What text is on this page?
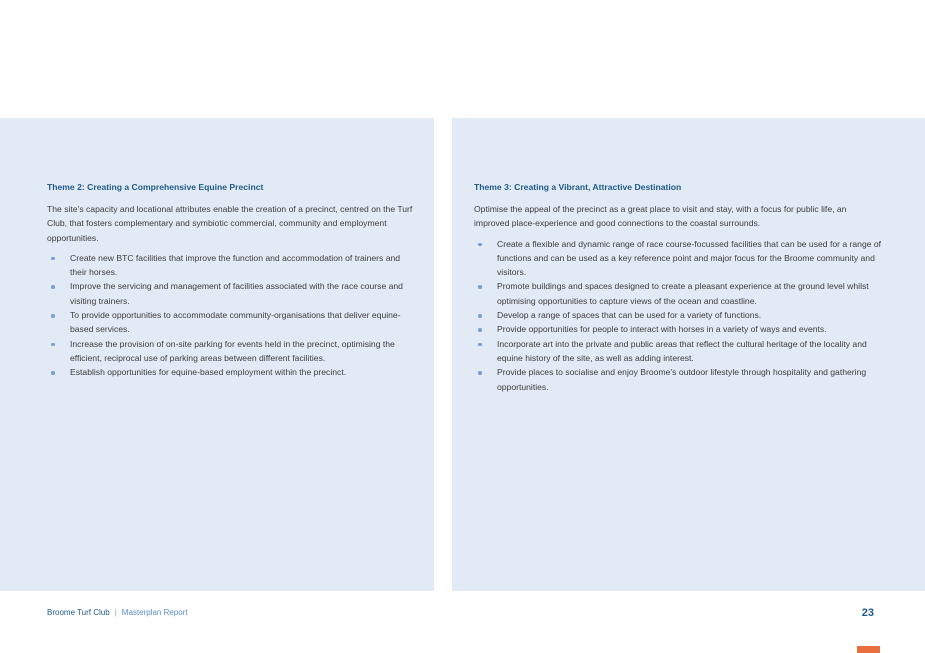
Theme 2: Creating a Comprehensive Equine Precinct

The site’s capacity and locational attributes enable the creation of a precinct, centred on the Turf Club, that fosters complementary and symbiotic commercial, community and employment opportunities.

Create new BTC facilities that improve the function and accommodation of trainers and their horses.
Improve the servicing and management of facilities associated with the race course and visiting trainers.
To provide opportunities to accommodate community-organisations that deliver equine-based services.
Increase the provision of on-site parking for events held in the precinct, optimising the efficient, reciprocal use of parking areas between different facilities.
Establish opportunities for equine-based employment within the precinct.
Theme 3: Creating a Vibrant, Attractive Destination

Optimise the appeal of the precinct as a great place to visit and stay, with a focus for public life, an improved place-experience and good connections to the coastal surrounds.

Create a flexible and dynamic range of race course-focussed facilities that can be used for a range of functions and can be used as a key reference point and major focus for the Broome community and visitors.
Promote buildings and spaces designed to create a pleasant experience at the ground level whilst optimising opportunities to capture views of the ocean and coastline.
Develop a range of spaces that can be used for a variety of functions.
Provide opportunities for people to interact with horses in a variety of ways and events.
Incorporate art into the private and public areas that reflect the cultural heritage of the locality and equine history of the site, as well as adding interest.
Provide places to socialise and enjoy Broome’s outdoor lifestyle through hospitality and gathering opportunities.
Broome Turf Club | Masterplan Report	23
